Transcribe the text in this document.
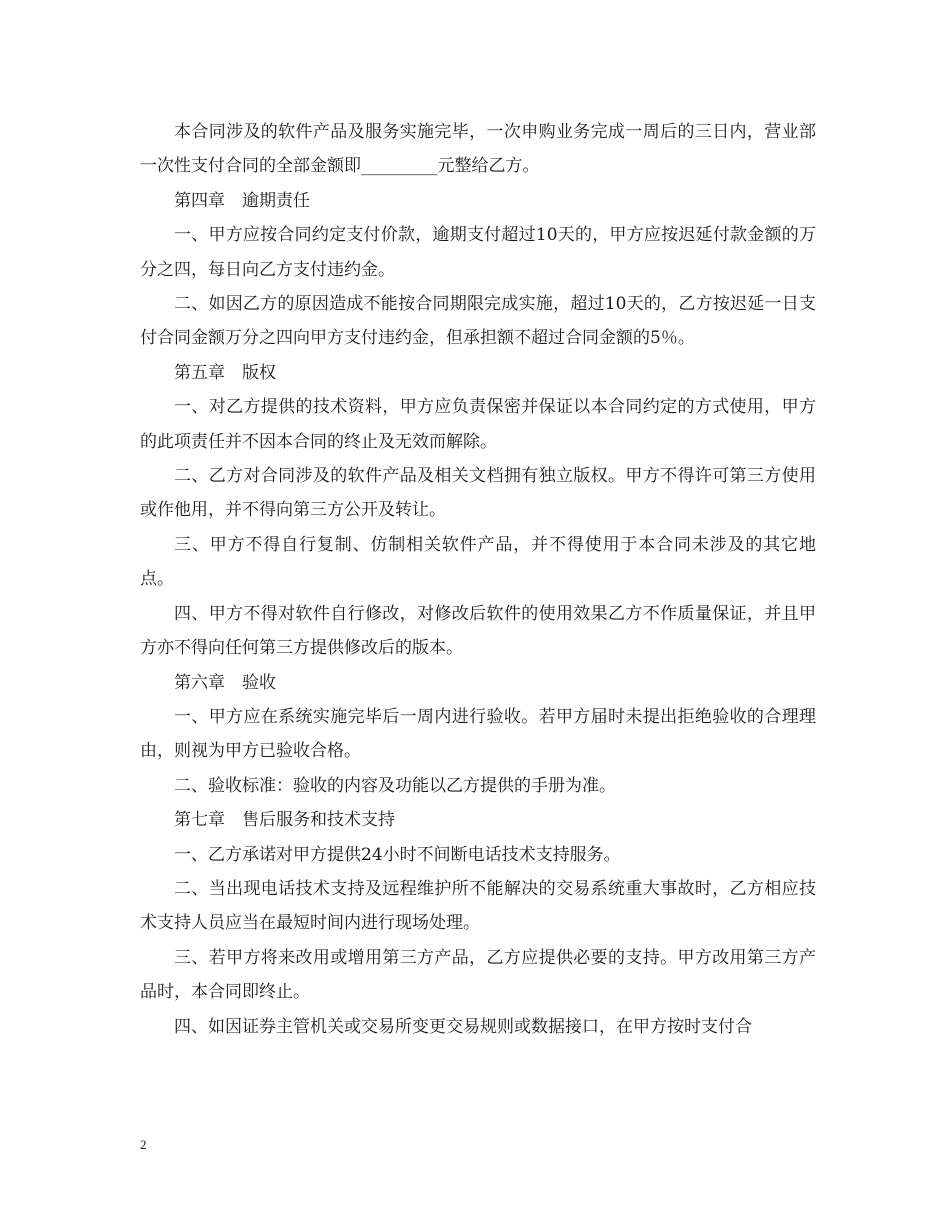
本合同涉及的软件产品及服务实施完毕，一次申购业务完成一周后的三日内，营业部一次性支付合同的全部金额即_________元整给乙方。

第四章　逾期责任

一、甲方应按合同约定支付价款，逾期支付超过10天的，甲方应按迟延付款金额的万分之四，每日向乙方支付违约金。

二、如因乙方的原因造成不能按合同期限完成实施，超过10天的，乙方按迟延一日支付合同金额万分之四向甲方支付违约金，但承担额不超过合同金额的5％。

第五章　版权

一、对乙方提供的技术资料，甲方应负责保密并保证以本合同约定的方式使用，甲方的此项责任并不因本合同的终止及无效而解除。

二、乙方对合同涉及的软件产品及相关文档拥有独立版权。甲方不得许可第三方使用或作他用，并不得向第三方公开及转让。

三、甲方不得自行复制、仿制相关软件产品，并不得使用于本合同未涉及的其它地点。

四、甲方不得对软件自行修改，对修改后软件的使用效果乙方不作质量保证，并且甲方亦不得向任何第三方提供修改后的版本。

第六章　验收

一、甲方应在系统实施完毕后一周内进行验收。若甲方届时未提出拒绝验收的合理理由，则视为甲方已验收合格。

二、验收标准：验收的内容及功能以乙方提供的手册为准。

第七章　售后服务和技术支持

一、乙方承诺对甲方提供24小时不间断电话技术支持服务。

二、当出现电话技术支持及远程维护所不能解决的交易系统重大事故时，乙方相应技术支持人员应当在最短时间内进行现场处理。

三、若甲方将来改用或增用第三方产品，乙方应提供必要的支持。甲方改用第三方产品时，本合同即终止。

四、如因证券主管机关或交易所变更交易规则或数据接口，在甲方按时支付合

2
